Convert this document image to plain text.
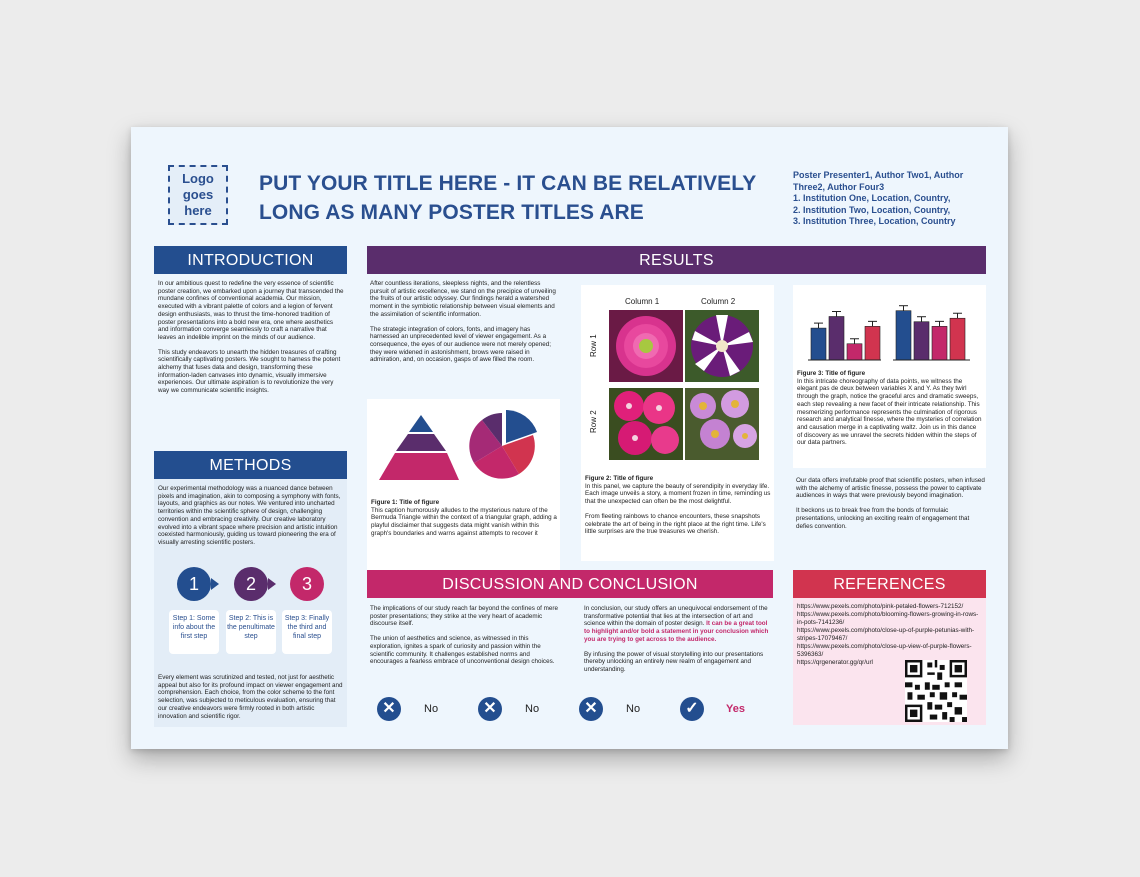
Logo goes here
PUT YOUR TITLE HERE - IT CAN BE RELATIVELY LONG AS MANY POSTER TITLES ARE
Poster Presenter1, Author Two1, Author Three2, Author Four3
1. Institution One, Location, Country,
2. Institution Two, Location, Country,
3. Institution Three, Location, Country
INTRODUCTION

In our ambitious quest to redefine the very essence of scientific poster creation, we embarked upon a journey that transcended the mundane confines of conventional academia. Our mission, executed with a vibrant palette of colors and a legion of fervent design enthusiasts, was to thrust the time-honored tradition of poster presentations into a bold new era, one where aesthetics and information converge seamlessly to craft a narrative that leaves an indelible imprint on the minds of our audience.

This study endeavors to unearth the hidden treasures of crafting scientifically captivating posters. We sought to harness the potent alchemy that fuses data and design, transforming these information-laden canvases into dynamic, visually immersive experiences. Our ultimate aspiration is to revolutionize the very way we communicate scientific insights.

METHODS
Our experimental methodology was a nuanced dance between pixels and imagination, akin to composing a symphony with fonts, layouts, and graphics as our notes. We ventured into uncharted territories within the scientific sphere of design, challenging convention and embracing creativity. Our creative laboratory evolved into a vibrant space where precision and artistic intuition coexisted harmoniously, guiding us toward pioneering the era of visually arresting scientific posters.
1	2	3
Step 1: Some info about the first step
Step 2: This is the penultimate step
Step 3: Finally the third and final step
Every element was scrutinized and tested, not just for aesthetic appeal but also for its profound impact on viewer engagement and comprehension. Each choice, from the color scheme to the font selection, was subjected to meticulous evaluation, ensuring that our creative endeavors were firmly rooted in both artistic innovation and scientific rigor.
RESULTS

After countless iterations, sleepless nights, and the relentless pursuit of artistic excellence, we stand on the precipice of unveiling the fruits of our artistic odyssey. Our findings herald a watershed moment in the symbiotic relationship between visual elements and the assimilation of scientific information.

The strategic integration of colors, fonts, and imagery has harnessed an unprecedented level of viewer engagement. As a consequence, the eyes of our audience were not merely opened; they were widened in astonishment, brows were raised in admiration, and, on occasion, gasps of awe filled the room.

Figure 1: Title of figure
This caption humorously alludes to the mysterious nature of the Bermuda Triangle within the context of a triangular graph, adding a playful disclaimer that suggests data might vanish within this graph's boundaries and warns against attempts to recover it
Column 1	Column 2
Row 1
Row 2
Figure 2: Title of figure
In this panel, we capture the beauty of serendipity in everyday life. Each image unveils a story, a moment frozen in time, reminding us that the unexpected can often be the most delightful.

From fleeting rainbows to chance encounters, these snapshots celebrate the art of being in the right place at the right time. Life's little surprises are the true treasures we cherish.

Figure 3: Title of figure
In this intricate choreography of data points, we witness the elegant pas de deux between variables X and Y. As they twirl through the graph, notice the graceful arcs and dramatic sweeps, each step revealing a new facet of their intricate relationship. This mesmerizing performance represents the culmination of rigorous research and analytical finesse, where the mysteries of correlation and causation merge in a captivating waltz. Join us in this dance of discovery as we unravel the secrets hidden within the steps of our data partners.

Our data offers irrefutable proof that scientific posters, when infused with the alchemy of artistic finesse, possess the power to captivate audiences in ways that were previously beyond imagination.

It beckons us to break free from the bonds of formulaic presentations, unlocking an exciting realm of engagement that defies convention.

DISCUSSION AND CONCLUSION

The implications of our study reach far beyond the confines of mere poster presentations; they strike at the very heart of academic discourse itself.

The union of aesthetics and science, as witnessed in this exploration, ignites a spark of curiosity and passion within the scientific community. It challenges established norms and encourages a fearless embrace of unconventional design choices.

In conclusion, our study offers an unequivocal endorsement of the transformative potential that lies at the intersection of art and science within the domain of poster design. It can be a great tool to highlight and/or bold a statement in your conclusion which you are trying to get across to the audience.

By infusing the power of visual storytelling into our presentations thereby unlocking an entirely new realm of engagement and understanding.

✕	No	✕	No	✕	No	✓	Yes
REFERENCES
https://www.pexels.com/photo/pink-petaled-flowers-712152/
https://www.pexels.com/photo/blooming-flowers-growing-in-rows-in-pots-7141236/
https://www.pexels.com/photo/close-up-of-purple-petunias-with-stripes-17079467/
https://www.pexels.com/photo/close-up-view-of-purple-flowers-5396363/
https://qrgenerator.gg/qr/url
